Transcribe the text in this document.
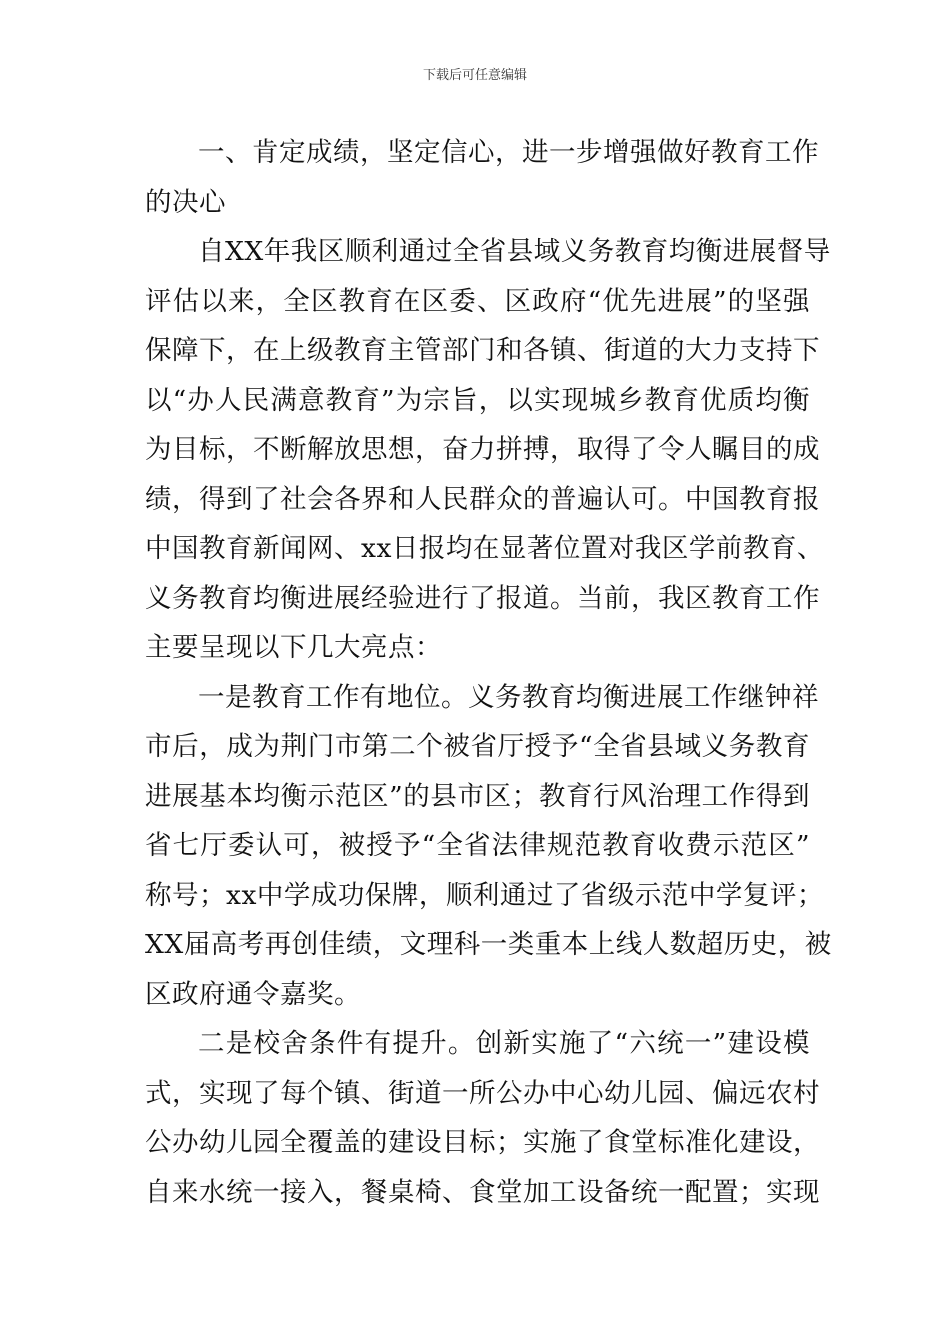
下载后可任意编辑

一、肯定成绩，坚定信心，进一步增强做好教育工作
的决心

自XX年我区顺利通过全省县域义务教育均衡进展督导
评估以来，全区教育在区委、区政府“优先进展”的坚强
保障下，在上级教育主管部门和各镇、街道的大力支持下
以“办人民满意教育”为宗旨，以实现城乡教育优质均衡
为目标，不断解放思想，奋力拼搏，取得了令人瞩目的成
绩，得到了社会各界和人民群众的普遍认可。中国教育报
中国教育新闻网、xx日报均在显著位置对我区学前教育、
义务教育均衡进展经验进行了报道。当前，我区教育工作
主要呈现以下几大亮点：

一是教育工作有地位。义务教育均衡进展工作继钟祥
市后，成为荆门市第二个被省厅授予“全省县域义务教育
进展基本均衡示范区”的县市区；教育行风治理工作得到
省七厅委认可，被授予“全省法律规范教育收费示范区”
称号；xx中学成功保牌，顺利通过了省级示范中学复评；
XX届高考再创佳绩，文理科一类重本上线人数超历史，被
区政府通令嘉奖。

二是校舍条件有提升。创新实施了“六统一”建设模
式，实现了每个镇、街道一所公办中心幼儿园、偏远农村
公办幼儿园全覆盖的建设目标；实施了食堂标准化建设，
自来水统一接入，餐桌椅、食堂加工设备统一配置；实现
